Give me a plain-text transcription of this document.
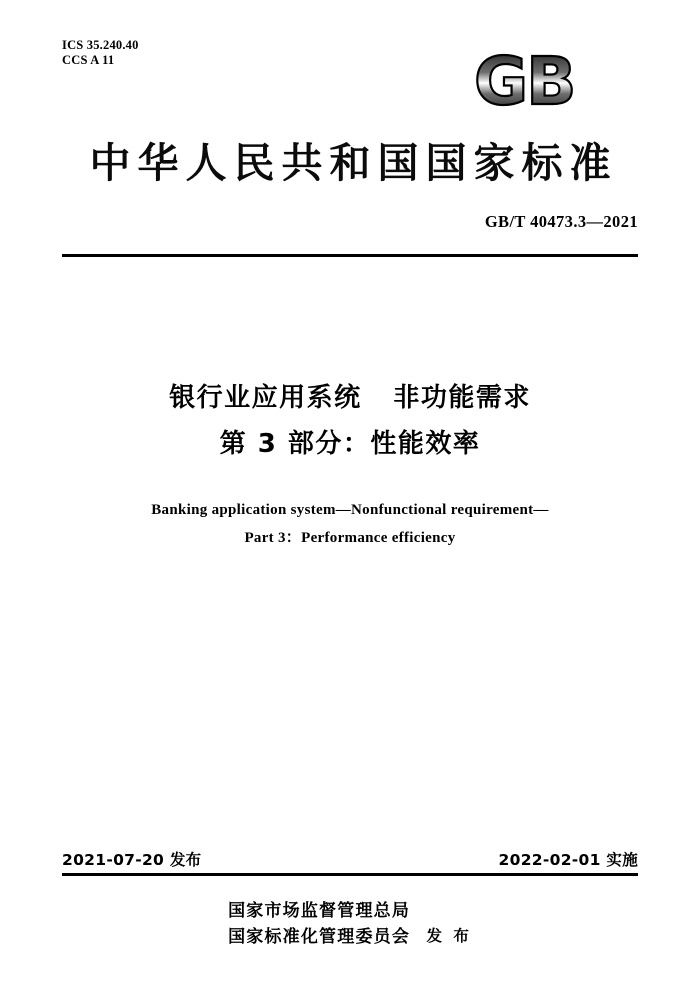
ICS 35.240.40
CCS A 11	GB
中华人民共和国国家标准
GB/T 40473.3—2021
银行业应用系统   非功能需求
第 3 部分：性能效率
Banking application system—Nonfunctional requirement—
Part 3：Performance efficiency
2021-07-20 发布	2022-02-01 实施
国家市场监督管理总局
国家标准化管理委员会 发 布
